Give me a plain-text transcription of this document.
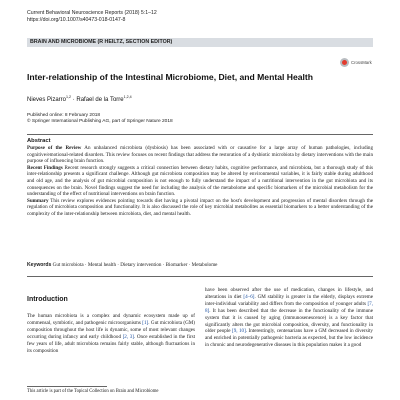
Current Behavioral Neuroscience Reports (2018) 5:1–12
https://doi.org/10.1007/s40473-018-0147-8
BRAIN AND MICROBIOME (R HEILTZ, SECTION EDITOR)
CrossMark
Inter-relationship of the Intestinal Microbiome, Diet, and Mental Health
Nieves Pizarro$^{1,2}$ · Rafael de la Torre$^{1,2,4}$
Published online: 8 February 2018
© Springer International Publishing AG, part of Springer Nature 2018
Abstract

Purpose of the Review An unbalanced microbiota (dysbiosis) has been associated with or causative for a large array of human pathologies, including cognitive/emotional-related disorders. This review focuses on recent findings that address the restoration of a dysbiotic microbiota by dietary interventions with the main purpose of influencing brain function.

Recent Findings Recent research strongly suggests a critical connection between dietary habits, cognitive performance, and microbiota, but a thorough study of this inter-relationship presents a significant challenge. Although gut microbiota composition may be altered by environmental variables, it is fairly stable during adulthood and old age, and the analysis of gut microbial composition is not enough to fully understand the impact of a nutritional intervention in the gut microbiota and its consequences on the brain. Novel findings suggest the need for including the analysis of the metabolome and specific biomarkers of the microbial metabolism for the understanding of the effect of nutritional interventions on brain function.

Summary This review explores evidences pointing towards diet having a pivotal impact on the host's development and progression of mental disorders through the regulation of microbiota composition and functionality. It is also discussed the role of key microbial metabolites as essential biomarkers to a better understanding of the complexity of the inter-relationship between microbiota, diet, and mental health.

Keywords Gut microbiota · Mental health · Dietary intervention · Biomarker · Metabolome
Introduction
The human microbiota is a complex and dynamic ecosystem made up of commensal, symbiotic, and pathogenic microorganisms [1]. Gut microbiota (GM) composition throughout the host life is dynamic, some of most relevant changes occurring during infancy and early childhood [2, 3]. Once established in the first few years of life, adult microbiota remains fairly stable, although fluctuations in its composition
have been observed after the use of medication, changes in lifestyle, and alterations in diet [4–6]. GM stability is greater in the elderly, displays extreme inter-individual variability and differs from the composition of younger adults [7, 8]. It has been described that the decrease in the functionality of the immune system that it is caused by aging (immunosenescence) is a key factor that significantly alters the gut microbial composition, diversity, and functionality in older people [9, 10]. Interestingly, centenarians have a GM decreased in diversity and enriched in potentially pathogenic bacteria as expected, but the low incidence in chronic and neurodegenerative diseases in this population makes it a good
This article is part of the Topical Collection on Brain and Microbiome
